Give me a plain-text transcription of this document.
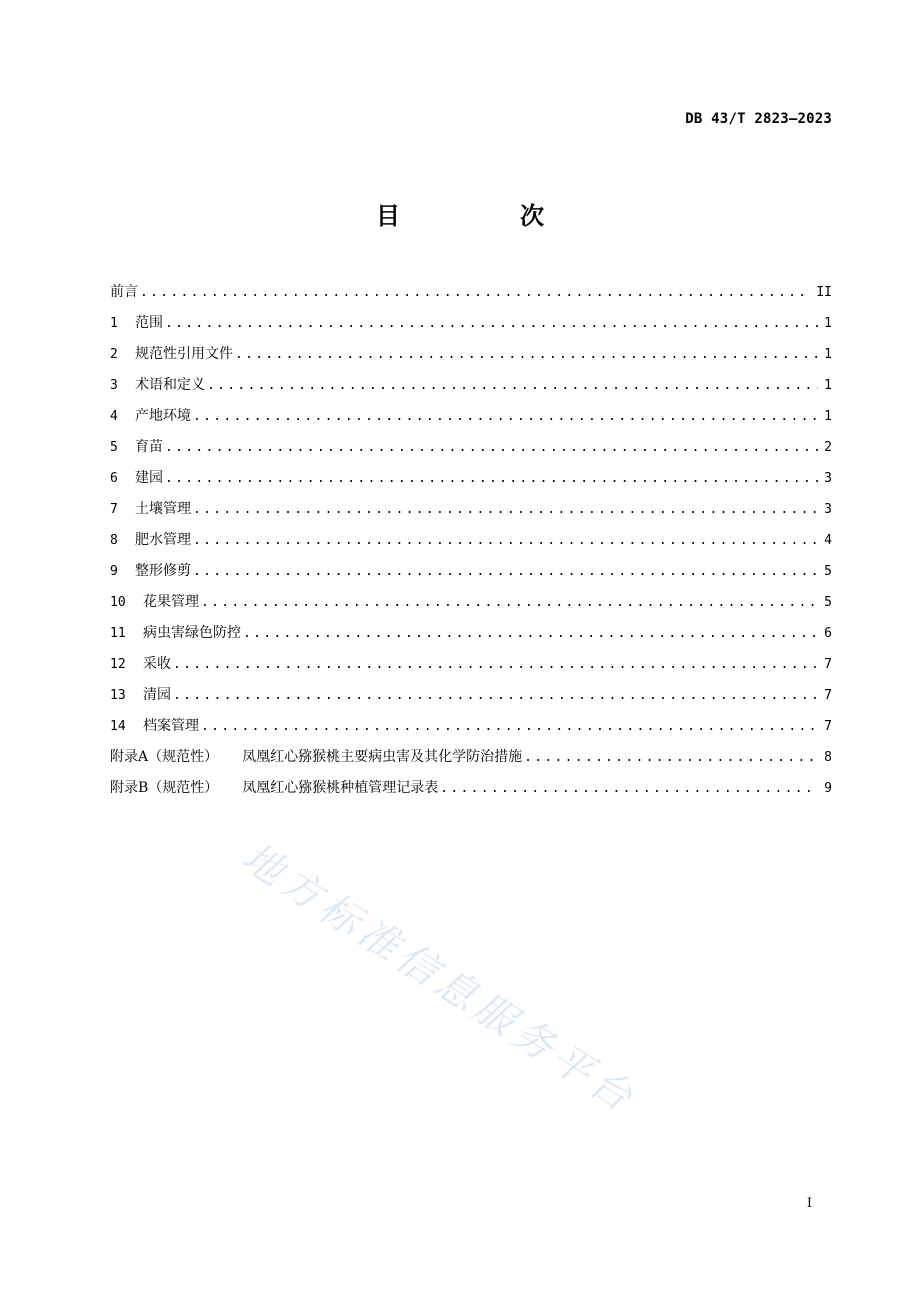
DB 43/T 2823—2023
目　次
前言 .....	II
1	范围 .....	1
2	规范性引用文件 .....	1
3	术语和定义 .....	1
4	产地环境 .....	1
5	育苗 .....	2
6	建园 .....	3
7	土壤管理 .....	3
8	肥水管理 .....	4
9	整形修剪 .....	5
10	花果管理 .....	5
11	病虫害绿色防控 .....	6
12	采收 .....	7
13	清园 .....	7
14	档案管理 .....	7
附录A（规范性） 凤凰红心猕猴桃主要病虫害及其化学防治措施 .....	8
附录B（规范性） 凤凰红心猕猴桃种植管理记录表 .....	9
地方标准信息服务平台
I
